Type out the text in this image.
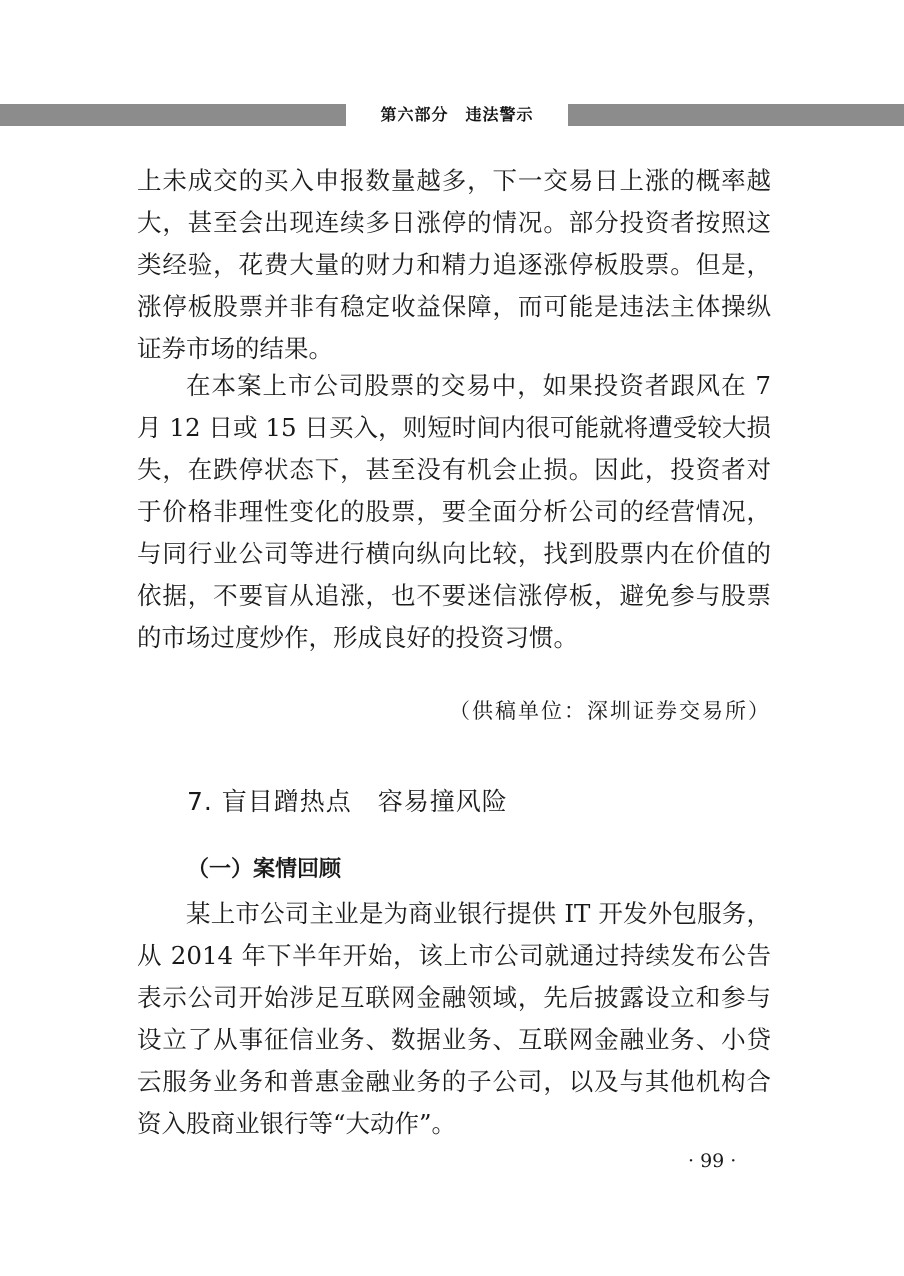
第六部分　违法警示

上未成交的买入申报数量越多，下一交易日上涨的概率越大，甚至会出现连续多日涨停的情况。部分投资者按照这类经验，花费大量的财力和精力追逐涨停板股票。但是，涨停板股票并非有稳定收益保障，而可能是违法主体操纵证券市场的结果。

在本案上市公司股票的交易中，如果投资者跟风在 7 月 12 日或 15 日买入，则短时间内很可能就将遭受较大损失，在跌停状态下，甚至没有机会止损。因此，投资者对于价格非理性变化的股票，要全面分析公司的经营情况，与同行业公司等进行横向纵向比较，找到股票内在价值的依据，不要盲从追涨，也不要迷信涨停板，避免参与股票的市场过度炒作，形成良好的投资习惯。

（供稿单位：深圳证券交易所）
7. 盲目蹭热点　容易撞风险
（一）案情回顾

某上市公司主业是为商业银行提供 IT 开发外包服务，从 2014 年下半年开始，该上市公司就通过持续发布公告表示公司开始涉足互联网金融领域，先后披露设立和参与设立了从事征信业务、数据业务、互联网金融业务、小贷云服务业务和普惠金融业务的子公司，以及与其他机构合资入股商业银行等“大动作”。

· 99 ·
